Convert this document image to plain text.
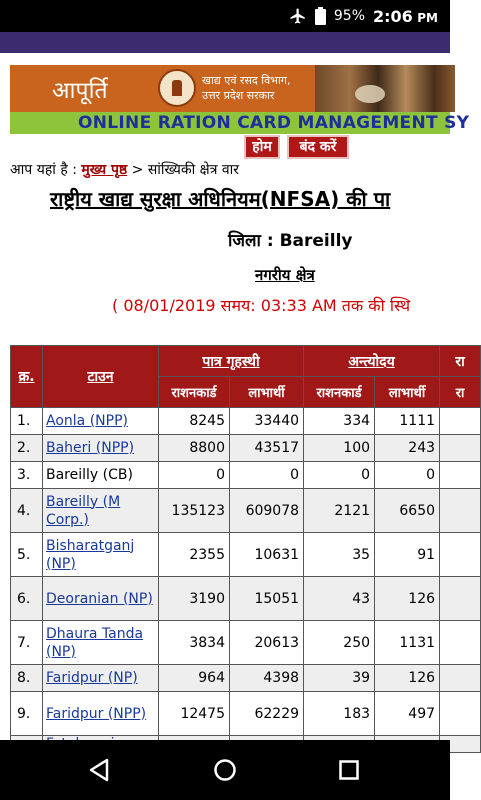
95% 2:06 PM
आपूर्ति	खाद्य एवं रसद विभाग,
उत्तर प्रदेश सरकार
ONLINE RATION CARD MANAGEMENT SY
होम	बंद करें
आप यहां है : मुख्य पृष्ठ > सांख्यिकी क्षेत्र वार
राष्ट्रीय खाद्य सुरक्षा अधिनियम(NFSA) की पा
जिला : Bareilly
नगरीय क्षेत्र
( 08/01/2019 समय: 03:33 AM तक की स्थि
क्र.	टाउन	पात्र गृहस्थी		अन्त्योदय		रा
		राशनकार्ड	लाभार्थी	राशनकार्ड	लाभार्थी	रा
1.	Aonla (NPP)	8245	33440	334	1111	
2.	Baheri (NPP)	8800	43517	100	243	
3.	Bareilly (CB)	0	0	0	0	
4.	Bareilly (M Corp.)	135123	609078	2121	6650	
5.	Bisharatganj (NP)	2355	10631	35	91	
6.	Deoranian (NP)	3190	15051	43	126	
7.	Dhaura Tanda (NP)	3834	20613	250	1131	
8.	Faridpur (NP)	964	4398	39	126	
9.	Faridpur (NPP)	12475	62229	183	497	
